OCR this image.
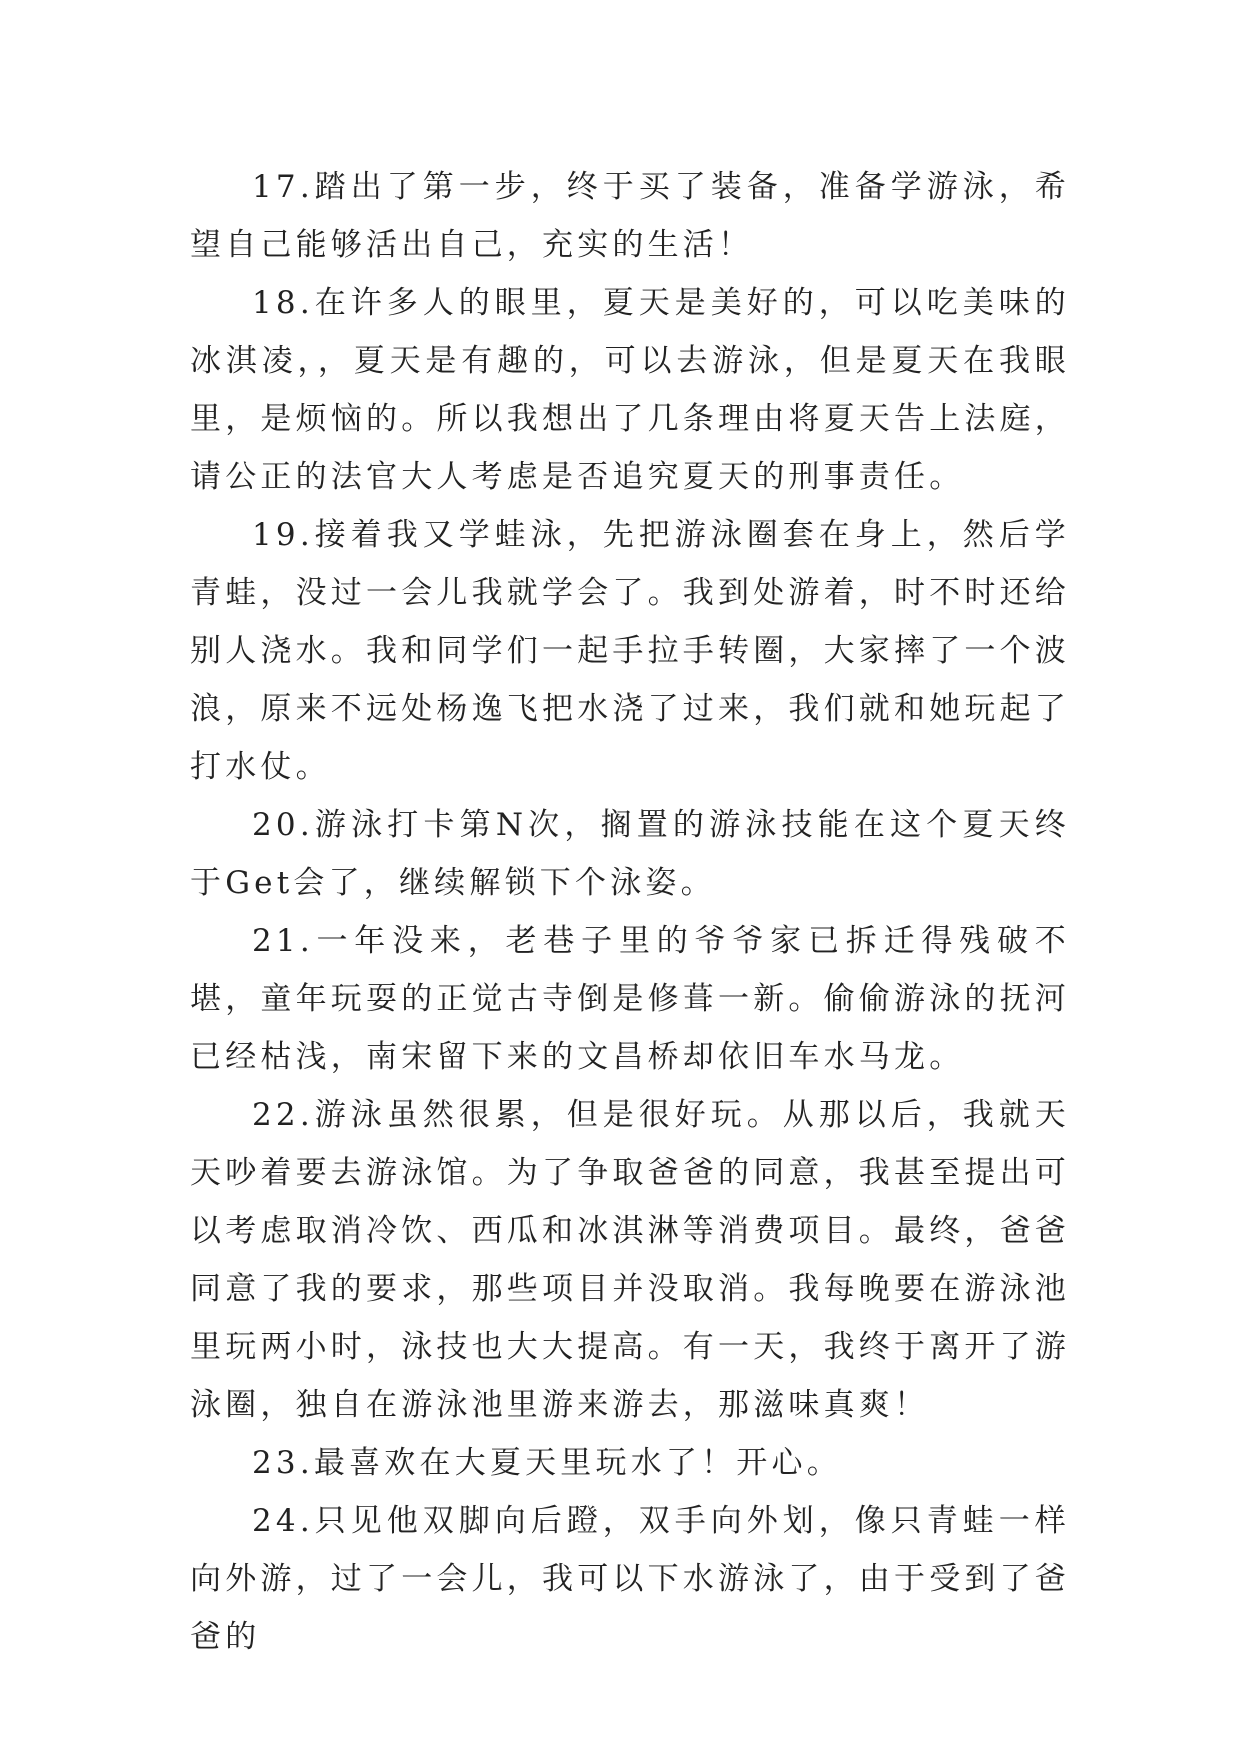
17.踏出了第一步，终于买了装备，准备学游泳，希望自己能够活出自己，充实的生活！

18.在许多人的眼里，夏天是美好的，可以吃美味的冰淇凌，，夏天是有趣的，可以去游泳，但是夏天在我眼里，是烦恼的。所以我想出了几条理由将夏天告上法庭，请公正的法官大人考虑是否追究夏天的刑事责任。

19.接着我又学蛙泳，先把游泳圈套在身上，然后学青蛙，没过一会儿我就学会了。我到处游着，时不时还给别人浇水。我和同学们一起手拉手转圈，大家摔了一个波浪，原来不远处杨逸飞把水浇了过来，我们就和她玩起了打水仗。

20.游泳打卡第N次，搁置的游泳技能在这个夏天终于Get会了，继续解锁下个泳姿。

21.一年没来，老巷子里的爷爷家已拆迁得残破不堪，童年玩耍的正觉古寺倒是修葺一新。偷偷游泳的抚河已经枯浅，南宋留下来的文昌桥却依旧车水马龙。

22.游泳虽然很累，但是很好玩。从那以后，我就天天吵着要去游泳馆。为了争取爸爸的同意，我甚至提出可以考虑取消冷饮、西瓜和冰淇淋等消费项目。最终，爸爸同意了我的要求，那些项目并没取消。我每晚要在游泳池里玩两小时，泳技也大大提高。有一天，我终于离开了游泳圈，独自在游泳池里游来游去，那滋味真爽！

23.最喜欢在大夏天里玩水了！开心。

24.只见他双脚向后蹬，双手向外划，像只青蛙一样向外游，过了一会儿，我可以下水游泳了，由于受到了爸爸的
